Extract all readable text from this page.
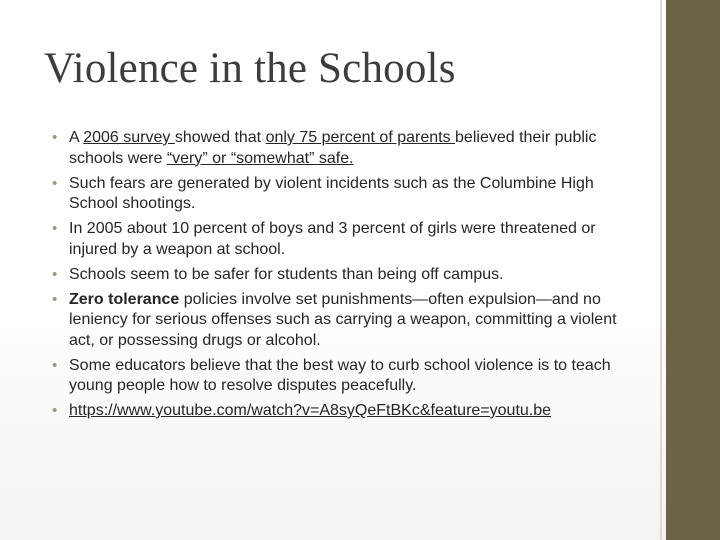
Violence in the Schools
• A 2006 survey showed that only 75 percent of parents believed their public schools were “very” or “somewhat” safe.
• Such fears are generated by violent incidents such as the Columbine High School shootings.
• In 2005 about 10 percent of boys and 3 percent of girls were threatened or injured by a weapon at school.
• Schools seem to be safer for students than being off campus.
• Zero tolerance policies involve set punishments—often expulsion—and no leniency for serious offenses such as carrying a weapon, committing a violent act, or possessing drugs or alcohol.
• Some educators believe that the best way to curb school violence is to teach young people how to resolve disputes peacefully.
• https://www.youtube.com/watch?v=A8syQeFtBKc&feature=youtu.be
